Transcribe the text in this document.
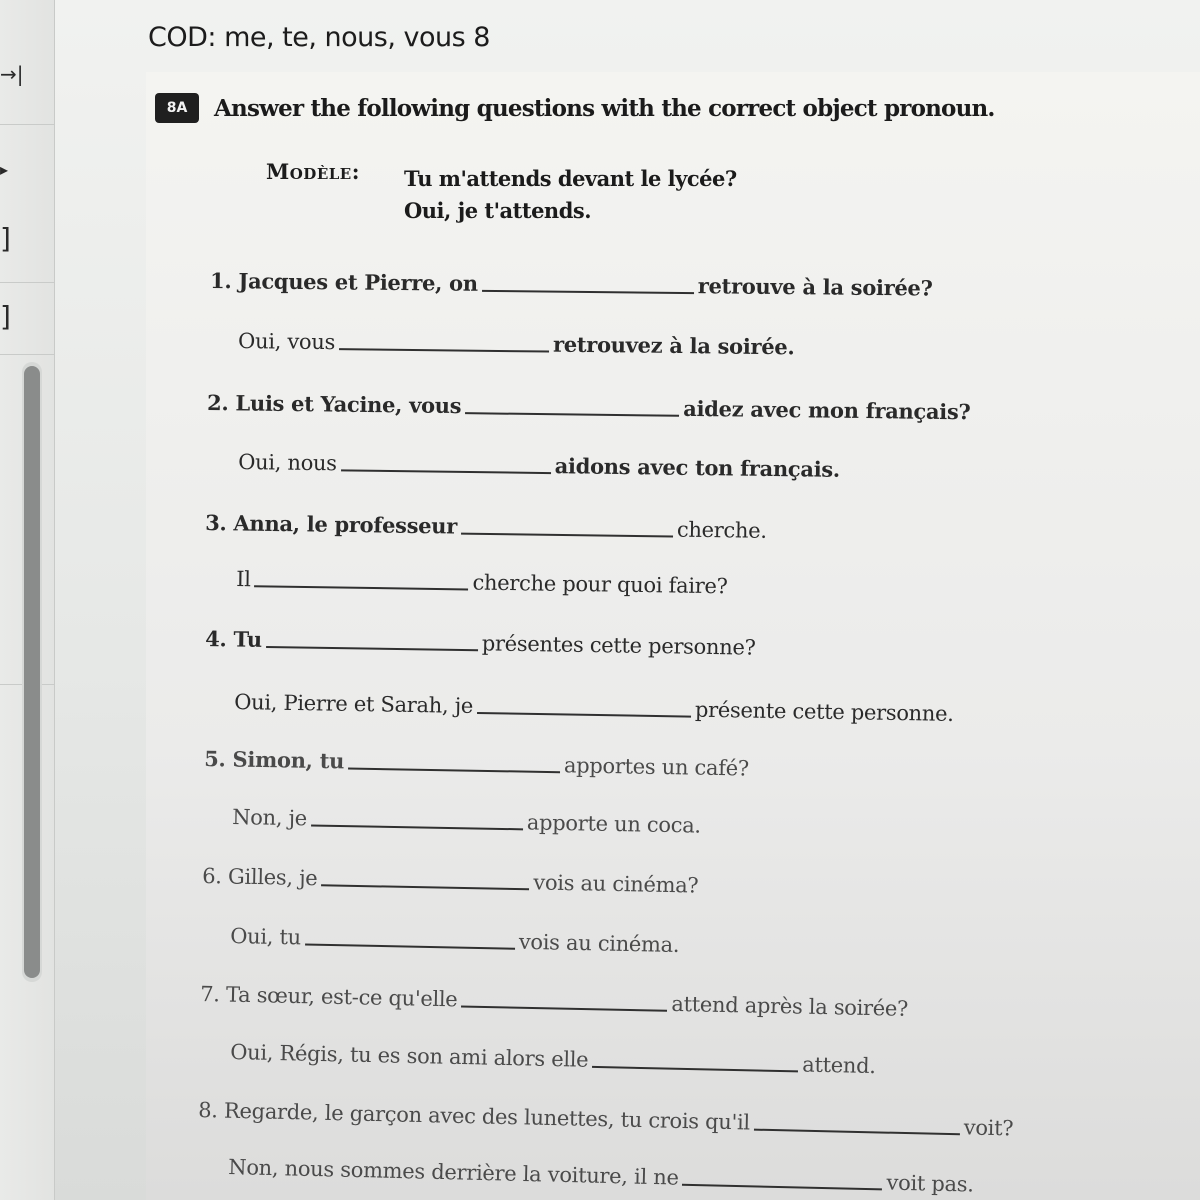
→|
▸
]
]
COD: me, te, nous, vous 8
8A	Answer the following questions with the correct object pronoun.
Modèle: Tu m'attends devant le lycée?
Oui, je t'attends.
1. Jacques et Pierre, on	retrouve à la soirée?
Oui, vous	retrouvez à la soirée.
2. Luis et Yacine, vous	aidez avec mon français?
Oui, nous	aidons avec ton français.
3. Anna, le professeur	cherche.
Il	cherche pour quoi faire?
4. Tu	présentes cette personne?
Oui, Pierre et Sarah, je	présente cette personne.
5. Simon, tu	apportes un café?
Non, je	apporte un coca.
6. Gilles, je	vois au cinéma?
Oui, tu	vois au cinéma.
7. Ta sœur, est-ce qu'elle	attend après la soirée?
Oui, Régis, tu es son ami alors elle	attend.
8. Regarde, le garçon avec des lunettes, tu crois qu'il	voit?
Non, nous sommes derrière la voiture, il ne	voit pas.
